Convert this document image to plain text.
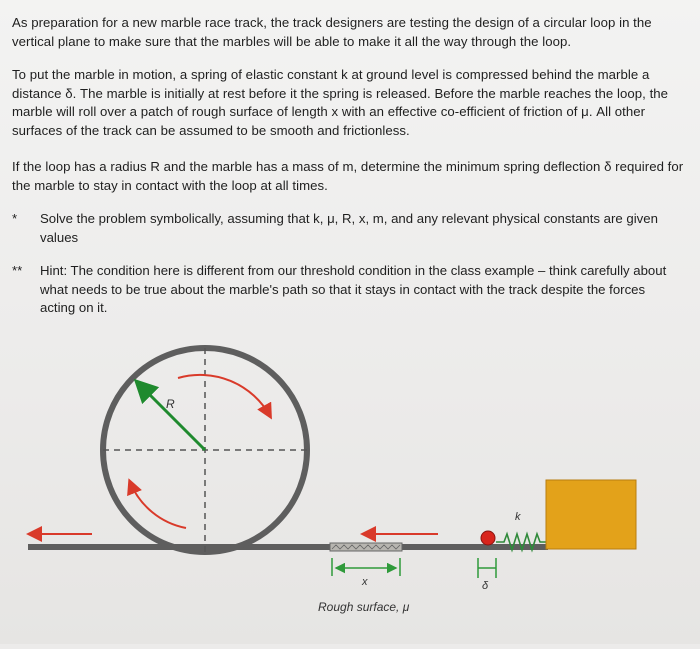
As preparation for a new marble race track, the track designers are testing the design of a circular loop in the vertical plane to make sure that the marbles will be able to make it all the way through the loop.
To put the marble in motion, a spring of elastic constant k at ground level is compressed behind the marble a distance δ. The marble is initially at rest before it the spring is released. Before the marble reaches the loop, the marble will roll over a patch of rough surface of length x with an effective co-efficient of friction of μ. All other surfaces of the track can be assumed to be smooth and frictionless.
If the loop has a radius R and the marble has a mass of m, determine the minimum spring deflection δ required for the marble to stay in contact with the loop at all times.
*	Solve the problem symbolically, assuming that k, μ, R, x, m, and any relevant physical constants are given values
**	Hint: The condition here is different from our threshold condition in the class example – think carefully about what needs to be true about the marble's path so that it stays in contact with the track despite the forces acting on it.
R
x
Rough surface, μ
k
δ
